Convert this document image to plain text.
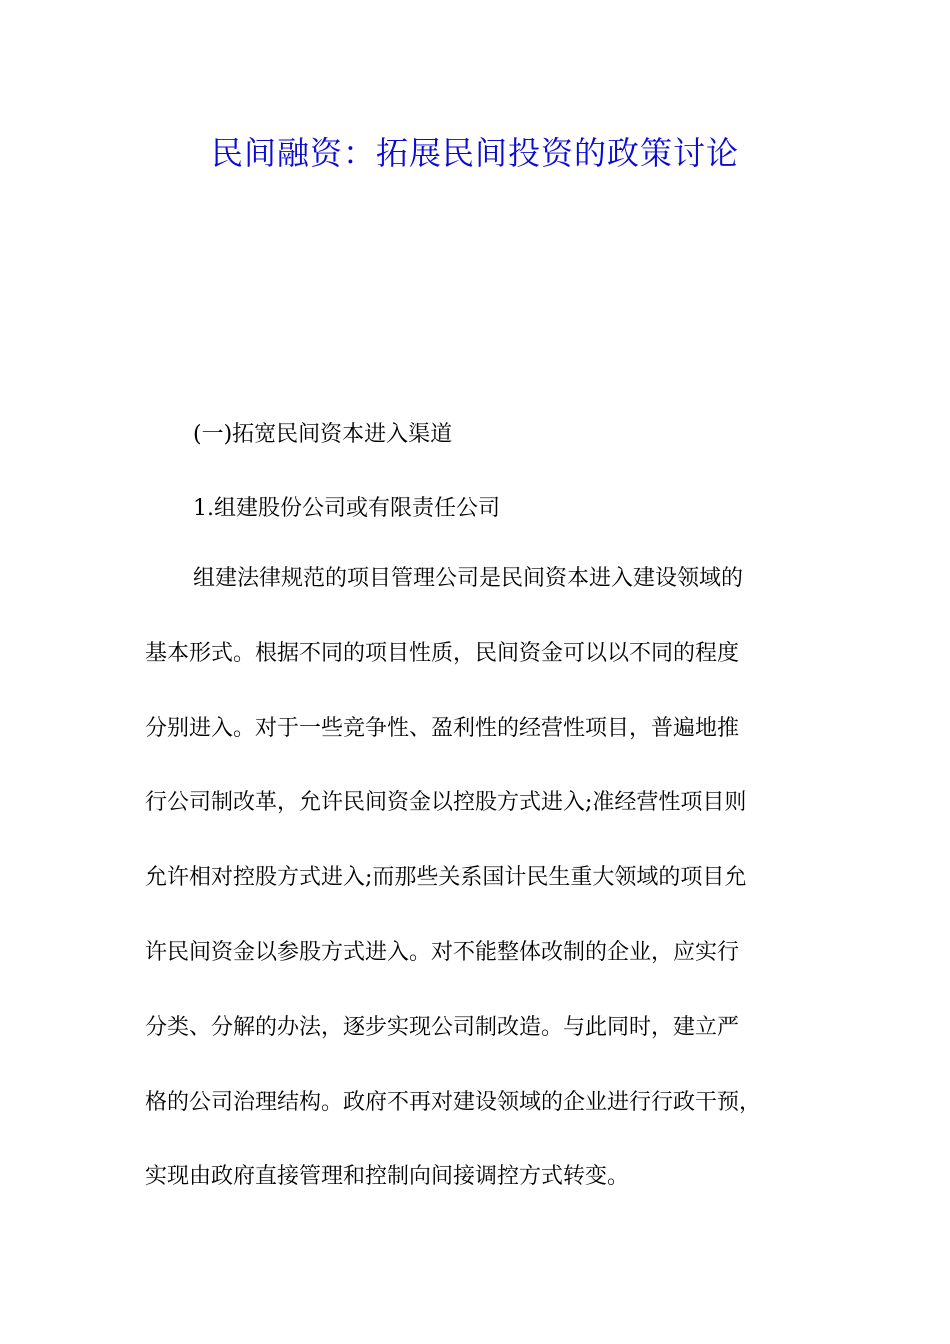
民间融资：拓展民间投资的政策讨论
(一)拓宽民间资本进入渠道
1.组建股份公司或有限责任公司
组建法律规范的项目管理公司是民间资本进入建设领域的
基本形式。根据不同的项目性质，民间资金可以以不同的程度
分别进入。对于一些竞争性、盈利性的经营性项目，普遍地推
行公司制改革，允许民间资金以控股方式进入;准经营性项目则
允许相对控股方式进入;而那些关系国计民生重大领域的项目允
许民间资金以参股方式进入。对不能整体改制的企业，应实行
分类、分解的办法，逐步实现公司制改造。与此同时，建立严
格的公司治理结构。政府不再对建设领域的企业进行行政干预，
实现由政府直接管理和控制向间接调控方式转变。
